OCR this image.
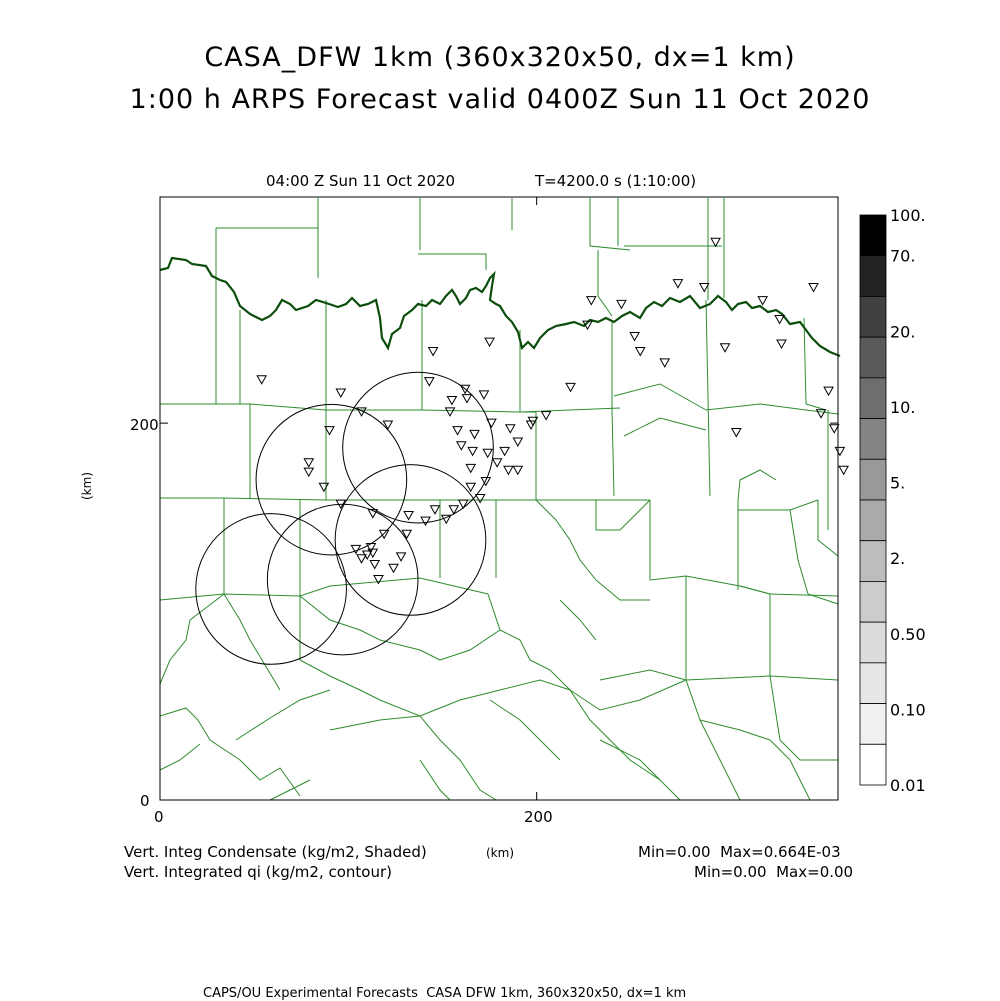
CASA_DFW 1km (360x320x50, dx=1 km)
1:00 h ARPS Forecast valid 0400Z Sun 11 Oct 2020
04:00 Z Sun 11 Oct 2020	T=4200.0 s (1:10:00)
(km)
200
0
0	200
(km)
Vert. Integ Condensate (kg/m2, Shaded)
Vert. Integrated qi (kg/m2, contour)
Min=0.00  Max=0.664E-03
Min=0.00  Max=0.00
CAPS/OU Experimental Forecasts  CASA DFW 1km, 360x320x50, dx=1 km
100.
70.
20.
10.
5.
2.
0.50
0.10
0.01
